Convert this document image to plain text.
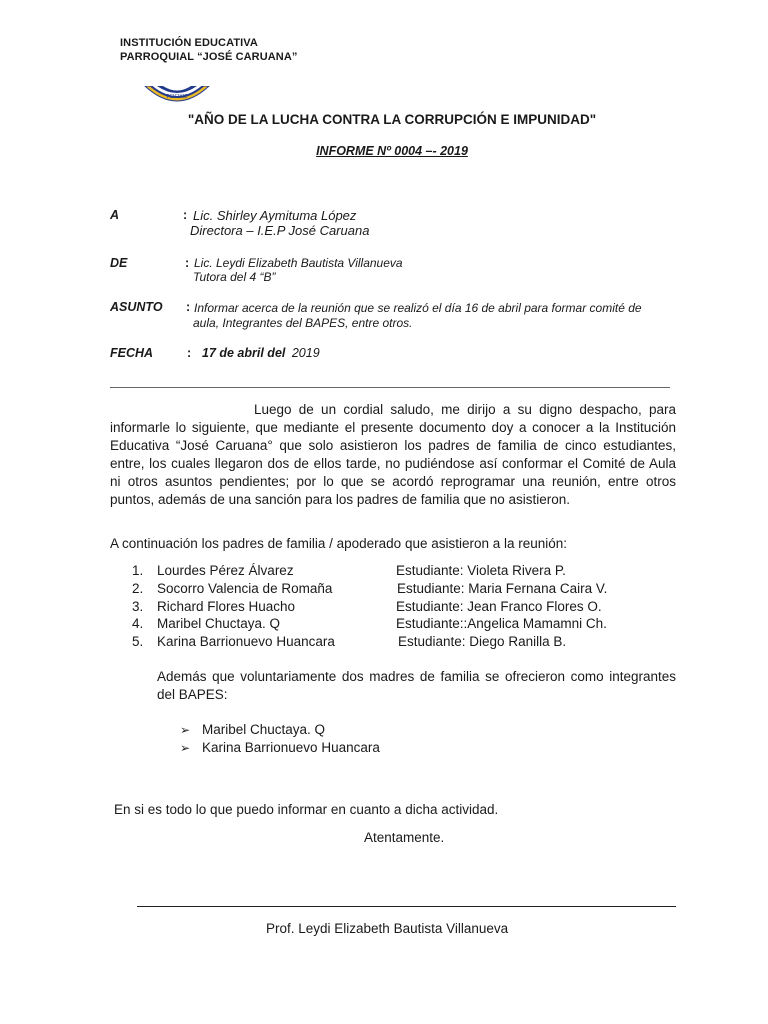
INSTITUCIÓN EDUCATIVA
PARROQUIAL “JOSÉ CARUANA”
PCICIYIC
"AÑO DE LA LUCHA CONTRA LA CORRUPCIÓN E IMPUNIDAD"
INFORME Nº 0004 –- 2019
A	: Lic. Shirley Aymituma López
Directora – I.E.P José Caruana
DE	: Lic. Leydi Elizabeth Bautista Villanueva
Tutora del 4 “B”
ASUNTO : Informar acerca de la reunión que se realizó el día 16 de abril para formar comité de
aula, Integrantes del BAPES, entre otros.
FECHA	: 17 de abril del 2019
Luego de un cordial saludo, me dirijo a su digno despacho, para informarle lo siguiente, que mediante el presente documento doy a conocer a la Institución Educativa “José Caruana° que solo asistieron los padres de familia de cinco estudiantes, entre, los cuales llegaron dos de ellos tarde, no pudiéndose así conformar el Comité de Aula ni otros asuntos pendientes; por lo que se acordó reprogramar una reunión, entre otros puntos, además de una sanción para los padres de familia que no asistieron.
A continuación los padres de familia / apoderado que asistieron a la reunión:
1. Lourdes Pérez Álvarez	Estudiante: Violeta Rivera P.
2. Socorro Valencia de Romaña	Estudiante: Maria Fernana Caira V.
3. Richard Flores Huacho	Estudiante: Jean Franco Flores O.
4. Maribel Chuctaya. Q	Estudiante::Angelica Mamamni Ch.
5. Karina Barrionuevo Huancara	Estudiante: Diego Ranilla B.
Además que voluntariamente dos madres de familia se ofrecieron como integrantes del BAPES:
➢ Maribel Chuctaya. Q
➢ Karina Barrionuevo Huancara
En si es todo lo que puedo informar en cuanto a dicha actividad.
Atentamente.
Prof. Leydi Elizabeth Bautista Villanueva
